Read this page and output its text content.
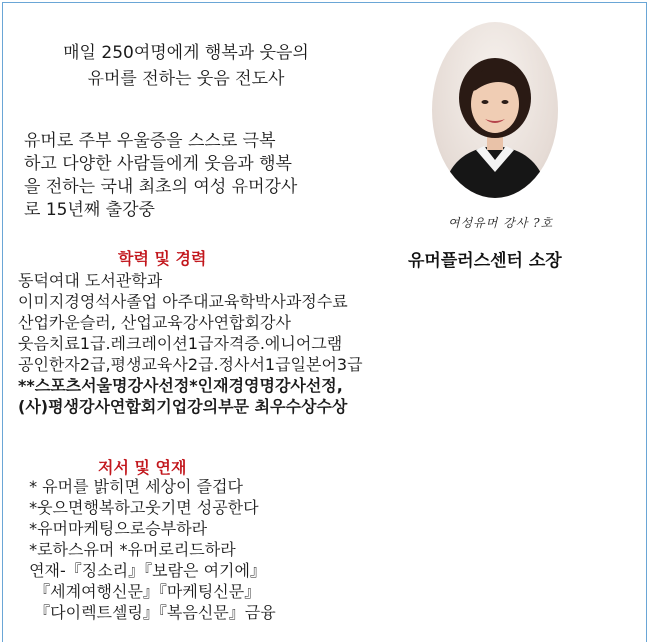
매일 250여명에게 행복과 웃음의
유머를 전하는 웃음 전도사
유머로 주부 우울증을 스스로 극복
하고 다양한 사람들에게 웃음과 행복
을 전하는 국내 최초의 여성 유머강사
로 15년째 출강중
여성유머 강사 ?호
유머플러스센터 소장
학력 및 경력
동덕여대 도서관학과
이미지경영석사졸업 아주대교육학박사과정수료
산업카운슬러, 산업교육강사연합회강사
웃음치료1급.레크레이션1급자격증.에니어그램
공인한자2급,평생교육사2급.정사서1급일본어3급
**스포츠서울명강사선정*인재경영명강사선정,
(사)평생강사연합회기업강의부문 최우수상수상
저서 및 연재
* 유머를 밝히면 세상이 즐겁다
*웃으면행복하고웃기면 성공한다
*유머마케팅으로승부하라
*로하스유머 *유머로리드하라
연재-『징소리』『보람은 여기에』
『세계여행신문』『마케팅신문』
『다이렉트셀링』『복음신문』금융
